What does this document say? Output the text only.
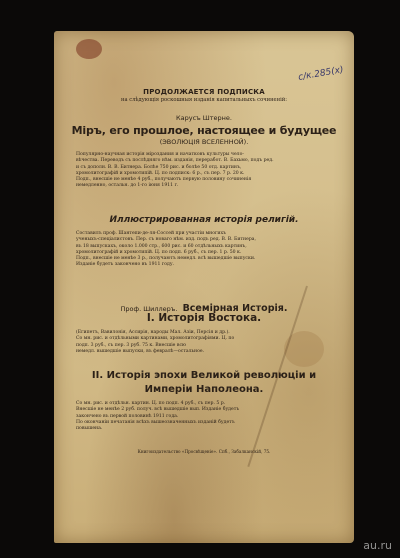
с/к.285(х)
ПРОДОЛЖАЕТСЯ ПОДПИСКА
на слѣдующія роскошныя изданія капитальныхъ сочиненій:
Карусъ Штерне.
Міръ, его прошлое, настоящее и будущее
(ЭВОЛЮЦІЯ ВСЕЛЕННОЙ).
Популярно-научная исторія міроздания и начатковъ культуры чело-
вѣчества. Переводъ съ послѣдняго нѣм. изданія, переработ. В. Бахьмо, подъ ред.
и съ дополн. В. В. Битнера. Болѣе 750 рис. и болѣе 50 отд. картинъ,
хромолитографій и хромотипій. Ц. по подписк: 6 р., съ пер. 7 р. 20 к.
Подп., внесшіе не менѣе 4 руб., получаютъ первую половину сочиненія
немедленно, остальн. до 1-го іюня 1911 г.
Иллюстрированная исторія религій.
Составилъ проф. Шантепи-де-ля-Соссей при участіи многихъ
ученыхъ-спеціалистовъ. Пер. съ новаго нѣм. изд. подъ ред. В. В. Битнера,
въ 18 выпускахъ, около 1.000 стр., 600 рис. и 60 отдѣльныхъ картинъ,
хромолитографій и хромотипій. Ц. по подп. 6 руб., съ пер. 1 р. 50 к.
Подп., внесшіе не менѣе 3 р., получаютъ немедл. всѣ вышедшіе выпуски.
Изданіе будетъ закончено въ 1911 году.
Проф. Шиллеръ. Всемірная Исторія.
I. Исторія Востока.
(Египетъ, Вавилонія, Ассирія, народы Мал. Азіи, Персія и др.).
Со мн. рис. и отдѣльными картинами, хромолитографіями. Ц. по
подп. 3 руб., съ пер. 3 руб. 75 к. Внесшіе всю
немедл. вышедшіе выпуски, въ февралѣ—остальное.
II. Исторія эпохи Великой революціи и
Имперіи Наполеона.
Со мн. рис. и отдѣльн. картин. Ц. по подп. 4 руб., съ пер. 5 р.
Внесшіе не менѣе 2 руб. получ. всѣ вышедшіе вып. Изданіе будетъ
закончено въ первой половинѣ 1911 года.
По окончаніи печатанія всѣхъ вышеозначенныхъ изданій будетъ
повышена.
Книгоиздательство «Просвѣщеніе». Спб., Забалканскій, 75.
au.ru
